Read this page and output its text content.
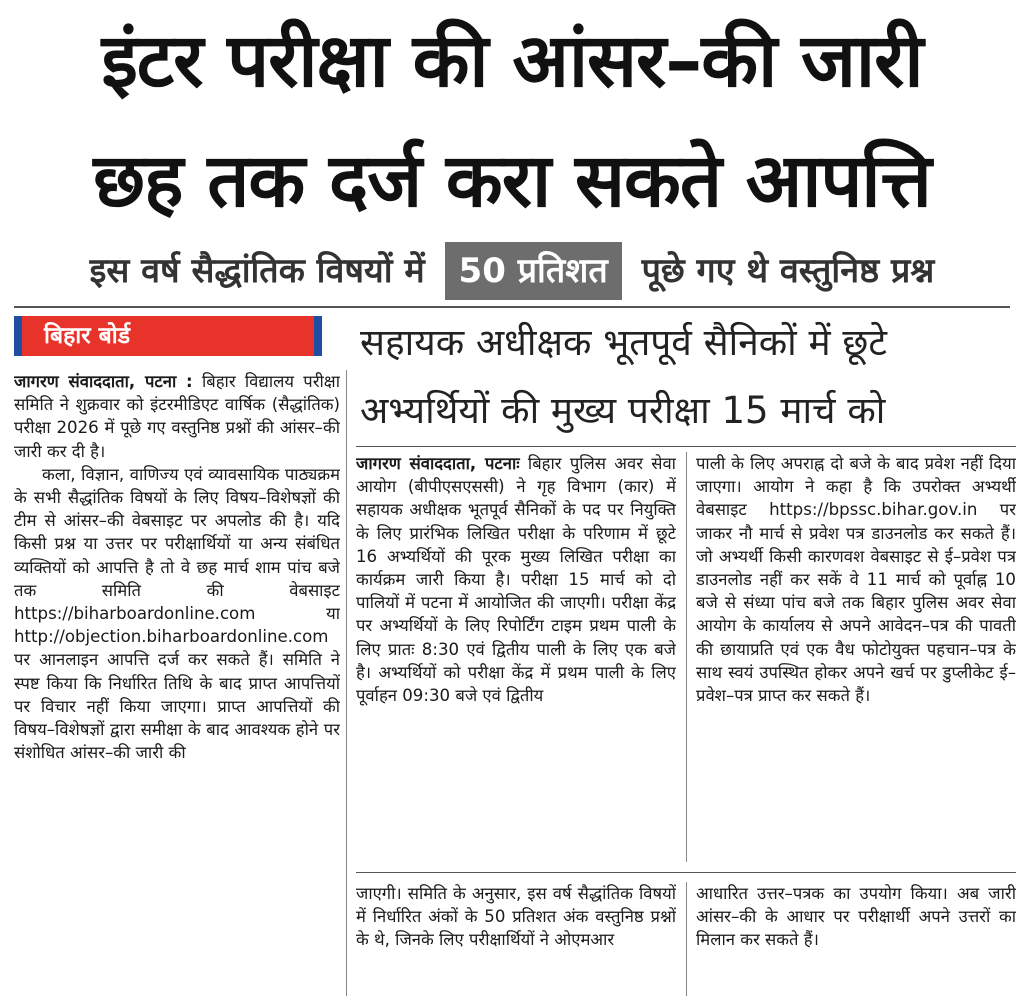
इंटर परीक्षा की आंसर–की जारी
छह तक दर्ज करा सकते आपत्ति
इस वर्ष सैद्धांतिक विषयों में 50 प्रतिशत पूछे गए थे वस्तुनिष्ठ प्रश्न
बिहार बोर्ड	सहायक अधीक्षक भूतपूर्व सैनिकों में छूटे
अभ्यर्थियों की मुख्य परीक्षा 15 मार्च को

जागरण संवाददाता, पटना : बिहार विद्यालय परीक्षा समिति ने शुक्रवार को इंटरमीडिएट वार्षिक (सैद्धांतिक) परीक्षा 2026 में पूछे गए वस्तुनिष्ठ प्रश्नों की आंसर–की जारी कर दी है।

कला, विज्ञान, वाणिज्य एवं व्यावसायिक पाठ्यक्रम के सभी सैद्धांतिक विषयों के लिए विषय–विशेषज्ञों की टीम से आंसर–की वेबसाइट पर अपलोड की है। यदि किसी प्रश्न या उत्तर पर परीक्षार्थियों या अन्य संबंधित व्यक्तियों को आपत्ति है तो वे छह मार्च शाम पांच बजे तक समिति की वेबसाइट https://biharboardonline.com या http://objection.biharboardonline.com पर आनलाइन आपत्ति दर्ज कर सकते हैं। समिति ने स्पष्ट किया कि निर्धारित तिथि के बाद प्राप्त आपत्तियों पर विचार नहीं किया जाएगा। प्राप्त आपत्तियों की विषय–विशेषज्ञों द्वारा समीक्षा के बाद आवश्यक होने पर संशोधित आंसर–की जारी की

जागरण संवाददाता, पटनाः बिहार पुलिस अवर सेवा आयोग (बीपीएसएससी) ने गृह विभाग (कार) में सहायक अधीक्षक भूतपूर्व सैनिकों के पद पर नियुक्ति के लिए प्रारंभिक लिखित परीक्षा के परिणाम में छूटे 16 अभ्यर्थियों की पूरक मुख्य लिखित परीक्षा का कार्यक्रम जारी किया है। परीक्षा 15 मार्च को दो पालियों में पटना में आयोजित की जाएगी। परीक्षा केंद्र पर अभ्यर्थियों के लिए रिपोर्टिंग टाइम प्रथम पाली के लिए प्रातः 8:30 एवं द्वितीय पाली के लिए एक बजे है। अभ्यर्थियों को परीक्षा केंद्र में प्रथम पाली के लिए पूर्वाहन 09:30 बजे एवं द्वितीय

पाली के लिए अपराह्न दो बजे के बाद प्रवेश नहीं दिया जाएगा। आयोग ने कहा है कि उपरोक्त अभ्यर्थी वेबसाइट https://bpssc.bihar.gov.in पर जाकर नौ मार्च से प्रवेश पत्र डाउनलोड कर सकते हैं। जो अभ्यर्थी किसी कारणवश वेबसाइट से ई–प्रवेश पत्र डाउनलोड नहीं कर सकें वे 11 मार्च को पूर्वाह्न 10 बजे से संध्या पांच बजे तक बिहार पुलिस अवर सेवा आयोग के कार्यालय से अपने आवेदन–पत्र की पावती की छायाप्रति एवं एक वैध फोटोयुक्त पहचान–पत्र के साथ स्वयं उपस्थित होकर अपने खर्च पर डुप्लीकेट ई–प्रवेश–पत्र प्राप्त कर सकते हैं।

जाएगी। समिति के अनुसार, इस वर्ष सैद्धांतिक विषयों में निर्धारित अंकों के 50 प्रतिशत अंक वस्तुनिष्ठ प्रश्नों के थे, जिनके लिए परीक्षार्थियों ने ओएमआर

आधारित उत्तर–पत्रक का उपयोग किया। अब जारी आंसर–की के आधार पर परीक्षार्थी अपने उत्तरों का मिलान कर सकते हैं।
